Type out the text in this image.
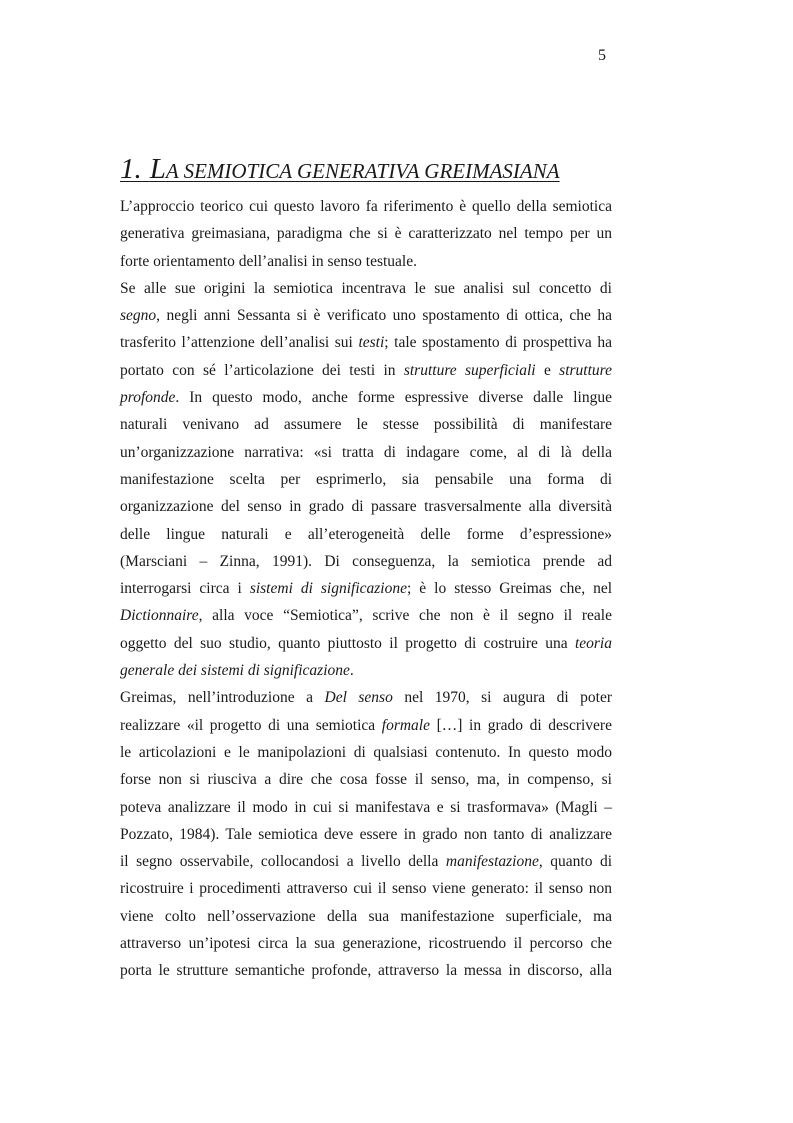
5
1. LA SEMIOTICA GENERATIVA GREIMASIANA
L’approccio teorico cui questo lavoro fa riferimento è quello della semiotica
generativa greimasiana, paradigma che si è caratterizzato nel tempo per un
forte orientamento dell’analisi in senso testuale.
Se alle sue origini la semiotica incentrava le sue analisi sul concetto di
segno, negli anni Sessanta si è verificato uno spostamento di ottica, che ha
trasferito l’attenzione dell’analisi sui testi; tale spostamento di prospettiva ha
portato con sé l’articolazione dei testi in strutture superficiali e strutture
profonde. In questo modo, anche forme espressive diverse dalle lingue
naturali venivano ad assumere le stesse possibilità di manifestare
un’organizzazione narrativa: «si tratta di indagare come, al di là della
manifestazione scelta per esprimerlo, sia pensabile una forma di
organizzazione del senso in grado di passare trasversalmente alla diversità
delle lingue naturali e all’eterogeneità delle forme d’espressione»
(Marsciani – Zinna, 1991). Di conseguenza, la semiotica prende ad
interrogarsi circa i sistemi di significazione; è lo stesso Greimas che, nel
Dictionnaire, alla voce “Semiotica”, scrive che non è il segno il reale
oggetto del suo studio, quanto piuttosto il progetto di costruire una teoria
generale dei sistemi di significazione.
Greimas, nell’introduzione a Del senso nel 1970, si augura di poter
realizzare «il progetto di una semiotica formale […] in grado di descrivere
le articolazioni e le manipolazioni di qualsiasi contenuto. In questo modo
forse non si riusciva a dire che cosa fosse il senso, ma, in compenso, si
poteva analizzare il modo in cui si manifestava e si trasformava» (Magli –
Pozzato, 1984). Tale semiotica deve essere in grado non tanto di analizzare
il segno osservabile, collocandosi a livello della manifestazione, quanto di
ricostruire i procedimenti attraverso cui il senso viene generato: il senso non
viene colto nell’osservazione della sua manifestazione superficiale, ma
attraverso un’ipotesi circa la sua generazione, ricostruendo il percorso che
porta le strutture semantiche profonde, attraverso la messa in discorso, alla
